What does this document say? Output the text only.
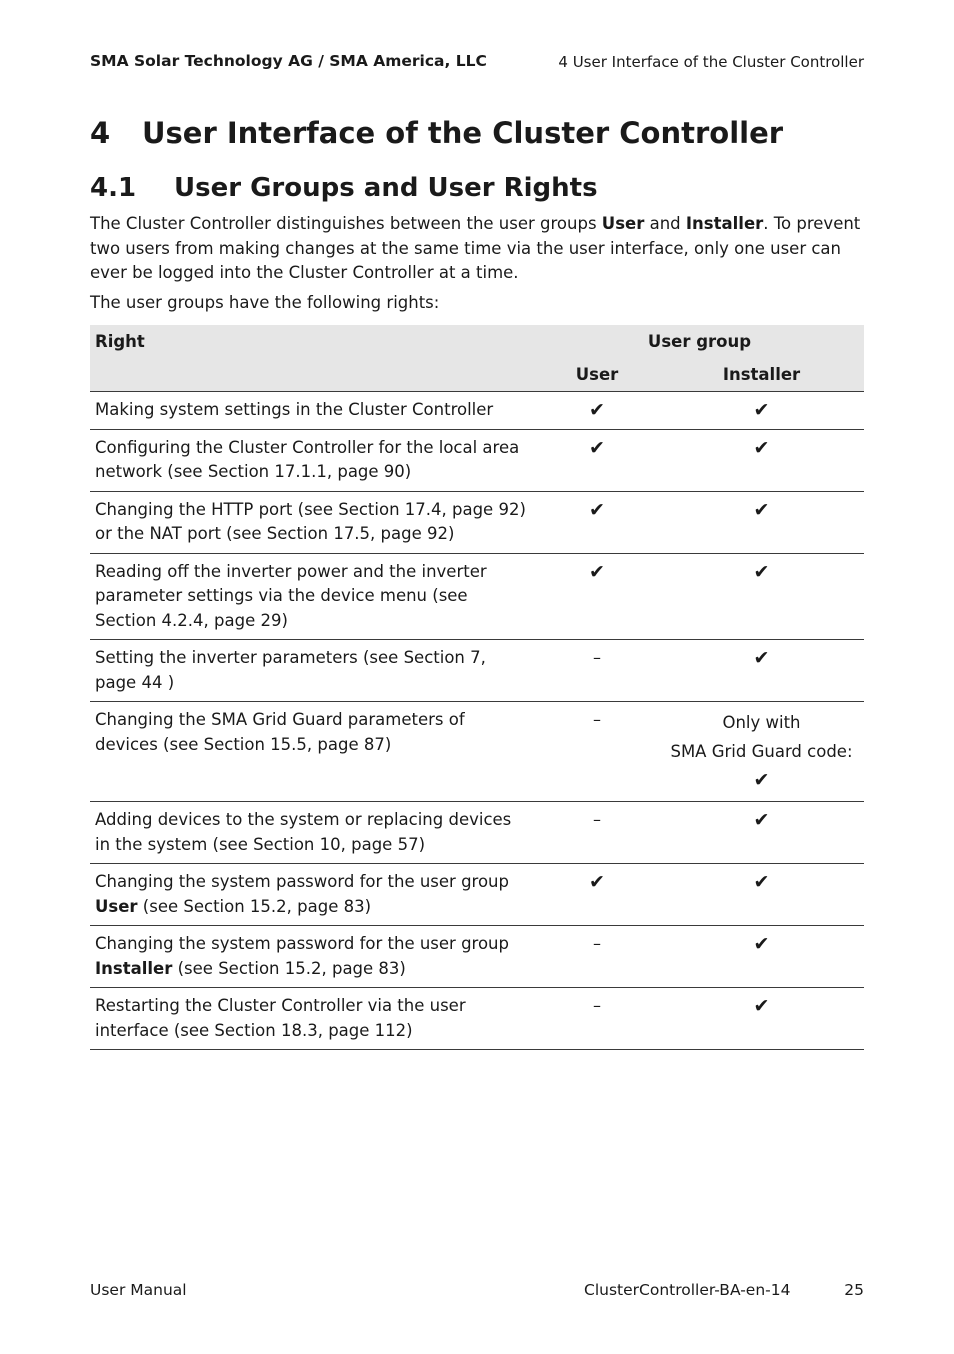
SMA Solar Technology AG / SMA America, LLC	4 User Interface of the Cluster Controller
4 User Interface of the Cluster Controller
4.1 User Groups and User Rights
The Cluster Controller distinguishes between the user groups User and Installer. To prevent two users from making changes at the same time via the user interface, only one user can ever be logged into the Cluster Controller at a time.
The user groups have the following rights:
Right	User group	
	User	Installer
Making system settings in the Cluster Controller	✔	✔
Configuring the Cluster Controller for the local area network (see Section 17.1.1, page 90)	✔	✔
Changing the HTTP port (see Section 17.4, page 92) or the NAT port (see Section 17.5, page 92)	✔	✔
Reading off the inverter power and the inverter parameter settings via the device menu (see Section 4.2.4, page 29)	✔	✔
Setting the inverter parameters (see Section 7, page 44 )	–	✔
Changing the SMA Grid Guard parameters of devices (see Section 15.5, page 87)	–	Only with
SMA Grid Guard code:
✔

Adding devices to the system or replacing devices in the system (see Section 10, page 57)	–	✔
Changing the system password for the user group User (see Section 15.2, page 83)	✔	✔
Changing the system password for the user group Installer (see Section 15.2, page 83)	–	✔
Restarting the Cluster Controller via the user interface (see Section 18.3, page 112)	–	✔
User Manual	ClusterController-BA-en-14	25
